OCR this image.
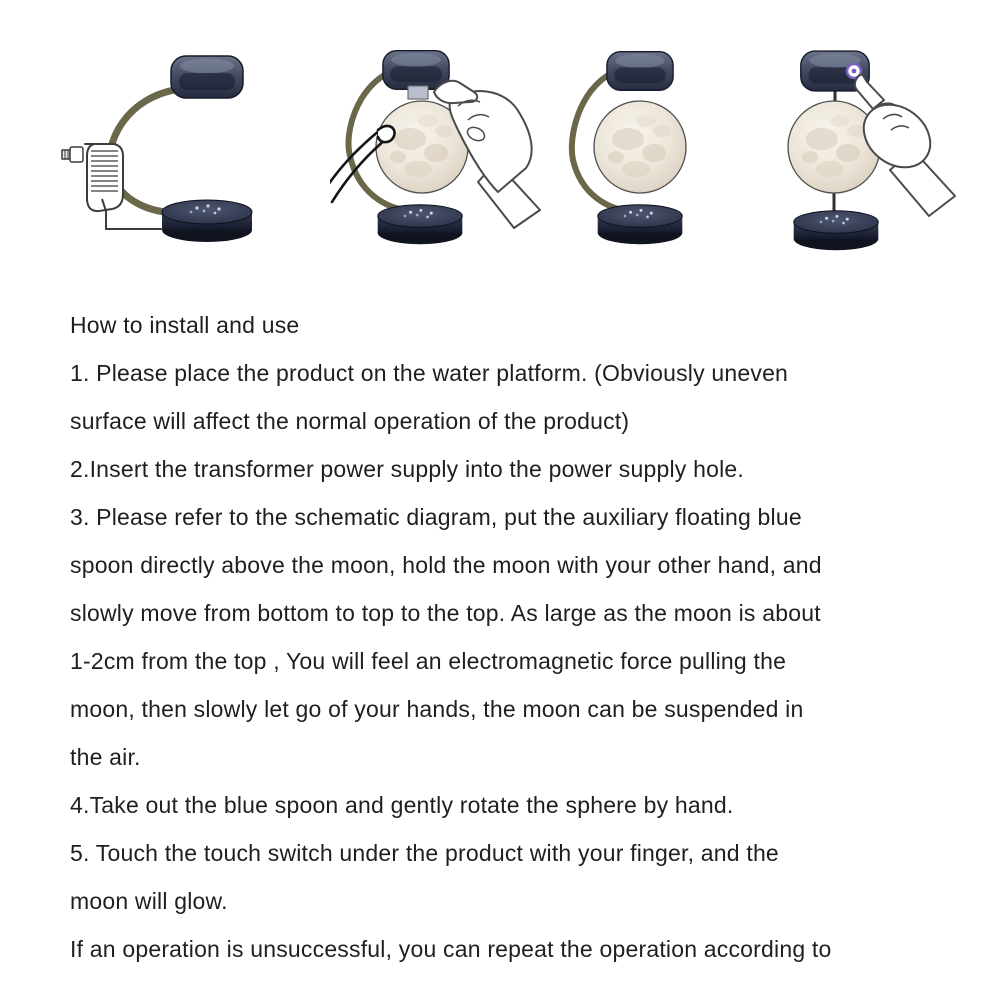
How to install and use
1. Please place the product on the water platform. (Obviously uneven
surface will affect the normal operation of the product)
2.Insert the transformer power supply into the power supply hole.
3. Please refer to the schematic diagram, put the auxiliary floating blue
spoon directly above the moon, hold the moon with your other hand, and
slowly move from bottom to top to the top. As large as the moon is about
1-2cm from the top , You will feel an electromagnetic force pulling the
moon, then slowly let go of your hands, the moon can be suspended in
the air.
4.Take out the blue spoon and gently rotate the sphere by hand.
5. Touch the touch switch under the product with your finger, and the
moon will glow.
If an operation is unsuccessful, you can repeat the operation according to
